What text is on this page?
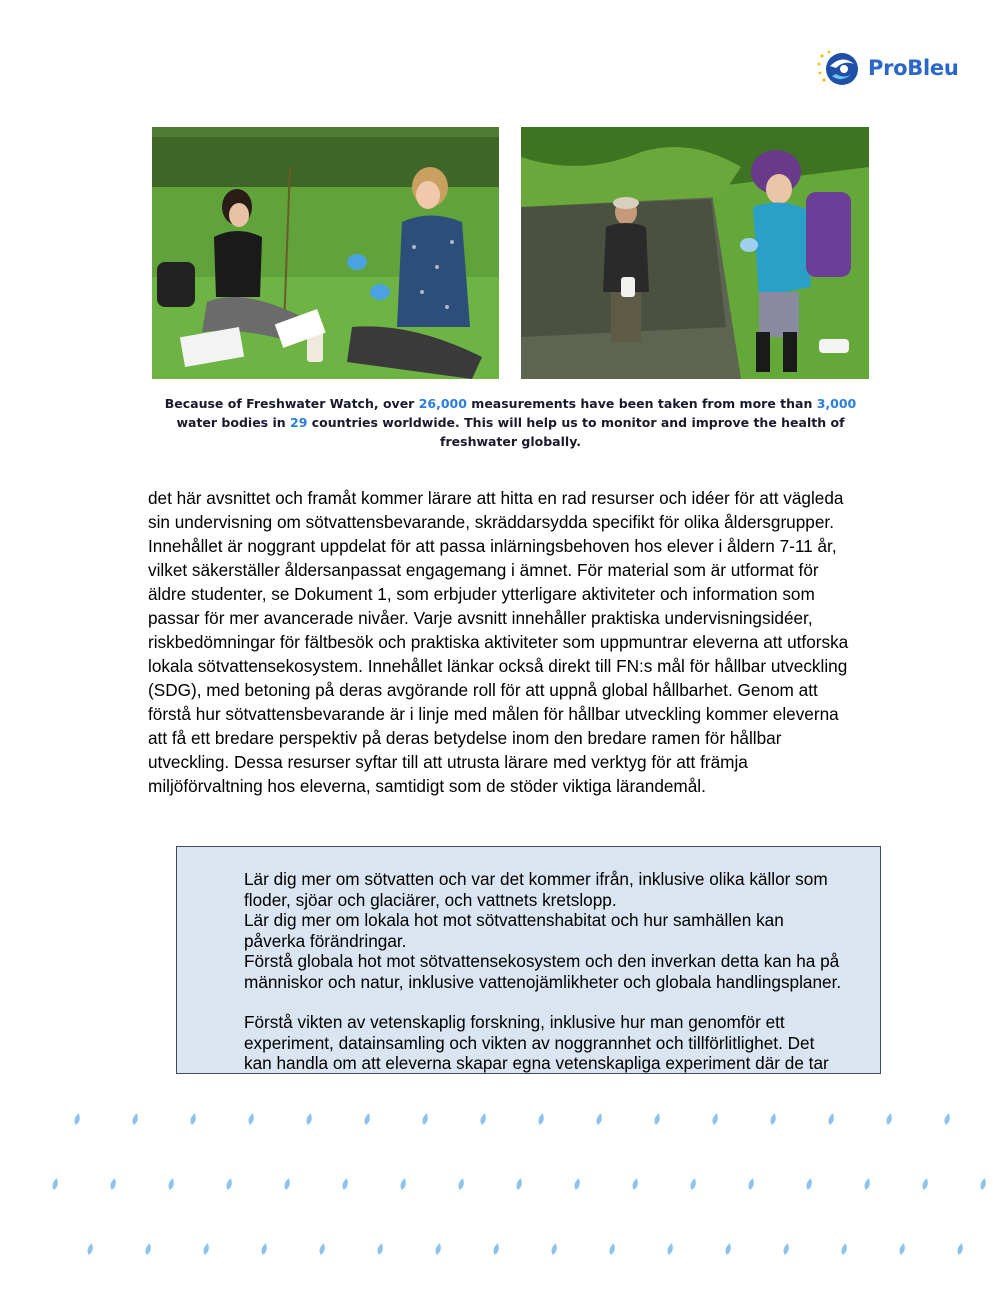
ProBleu
Because of Freshwater Watch, over 26,000 measurements have been taken from more than 3,000
water bodies in 29 countries worldwide. This will help us to monitor and improve the health of
freshwater globally.
det här avsnittet och framåt kommer lärare att hitta en rad resurser och idéer för att vägleda
sin undervisning om sötvattensbevarande, skräddarsydda specifikt för olika åldersgrupper.
Innehållet är noggrant uppdelat för att passa inlärningsbehoven hos elever i åldern 7-11 år,
vilket säkerställer åldersanpassat engagemang i ämnet. För material som är utformat för
äldre studenter, se Dokument 1, som erbjuder ytterligare aktiviteter och information som
passar för mer avancerade nivåer. Varje avsnitt innehåller praktiska undervisningsidéer,
riskbedömningar för fältbesök och praktiska aktiviteter som uppmuntrar eleverna att utforska
lokala sötvattensekosystem. Innehållet länkar också direkt till FN:s mål för hållbar utveckling
(SDG), med betoning på deras avgörande roll för att uppnå global hållbarhet. Genom att
förstå hur sötvattensbevarande är i linje med målen för hållbar utveckling kommer eleverna
att få ett bredare perspektiv på deras betydelse inom den bredare ramen för hållbar
utveckling. Dessa resurser syftar till att utrusta lärare med verktyg för att främja
miljöförvaltning hos eleverna, samtidigt som de stöder viktiga lärandemål.

Lär dig mer om sötvatten och var det kommer ifrån, inklusive olika källor som

floder, sjöar och glaciärer, och vattnets kretslopp.

Lär dig mer om lokala hot mot sötvattenshabitat och hur samhällen kan

påverka förändringar.

Förstå globala hot mot sötvattensekosystem och den inverkan detta kan ha på

människor och natur, inklusive vattenojämlikheter och globala handlingsplaner.

Förstå vikten av vetenskaplig forskning, inklusive hur man genomför ett

experiment, datainsamling och vikten av noggrannhet och tillförlitlighet. Det

kan handla om att eleverna skapar egna vetenskapliga experiment där de tar
